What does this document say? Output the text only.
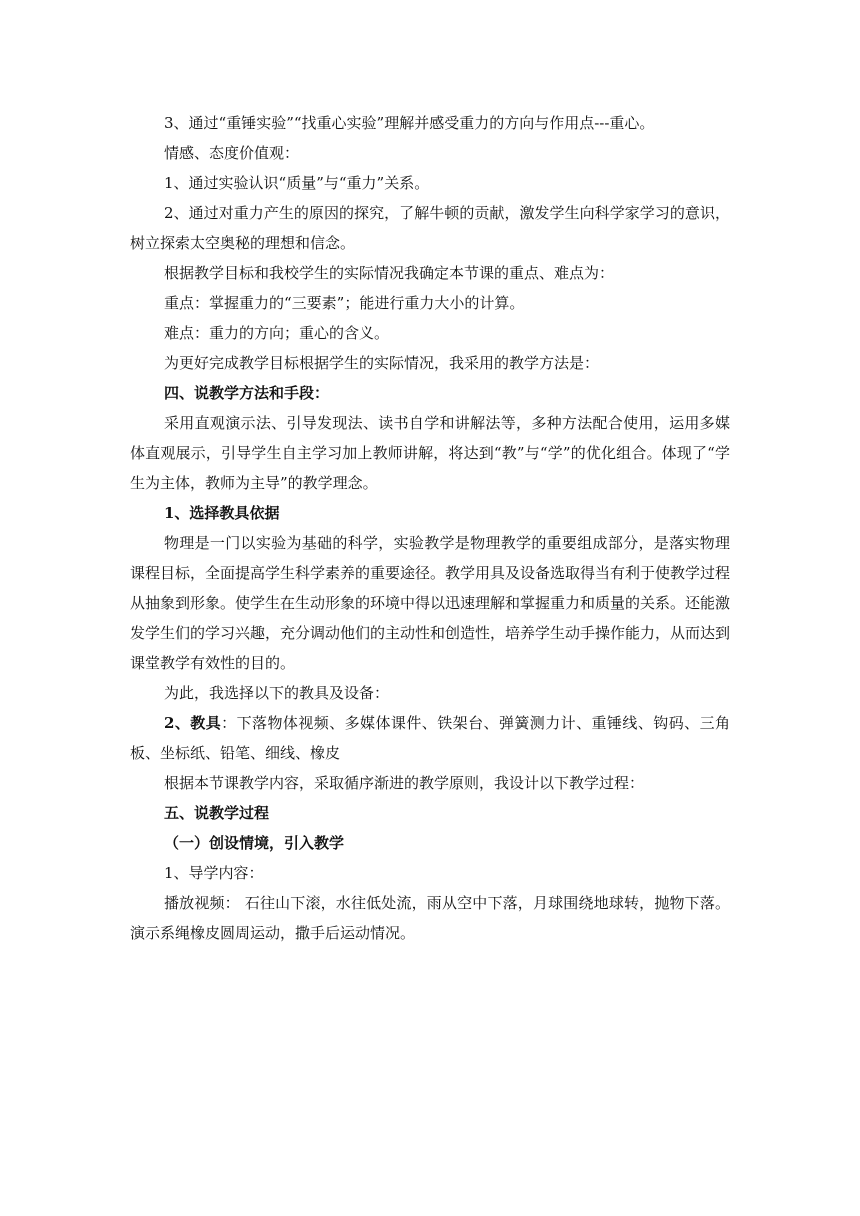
3、通过“重锤实验”“找重心实验”理解并感受重力的方向与作用点---重心。

情感、态度价值观：

1、通过实验认识“质量”与“重力”关系。

2、通过对重力产生的原因的探究，了解牛顿的贡献，激发学生向科学家学习的意识，树立探索太空奥秘的理想和信念。

根据教学目标和我校学生的实际情况我确定本节课的重点、难点为：

重点：掌握重力的“三要素”；能进行重力大小的计算。

难点：重力的方向；重心的含义。

为更好完成教学目标根据学生的实际情况，我采用的教学方法是：

四、说教学方法和手段：

采用直观演示法、引导发现法、读书自学和讲解法等，多种方法配合使用，运用多媒体直观展示，引导学生自主学习加上教师讲解，将达到“教”与“学”的优化组合。体现了“学生为主体，教师为主导”的教学理念。

1、选择教具依据

物理是一门以实验为基础的科学，实验教学是物理教学的重要组成部分，是落实物理课程目标，全面提高学生科学素养的重要途径。教学用具及设备选取得当有利于使教学过程从抽象到形象。使学生在生动形象的环境中得以迅速理解和掌握重力和质量的关系。还能激发学生们的学习兴趣，充分调动他们的主动性和创造性，培养学生动手操作能力，从而达到课堂教学有效性的目的。

为此，我选择以下的教具及设备：

2、教具：下落物体视频、多媒体课件、铁架台、弹簧测力计、重锤线、钩码、三角板、坐标纸、铅笔、细线、橡皮

根据本节课教学内容，采取循序渐进的教学原则，我设计以下教学过程：

五、说教学过程

（一）创设情境，引入教学

1、导学内容：

播放视频： 石往山下滚，水往低处流，雨从空中下落，月球围绕地球转，抛物下落。演示系绳橡皮圆周运动，撒手后运动情况。
